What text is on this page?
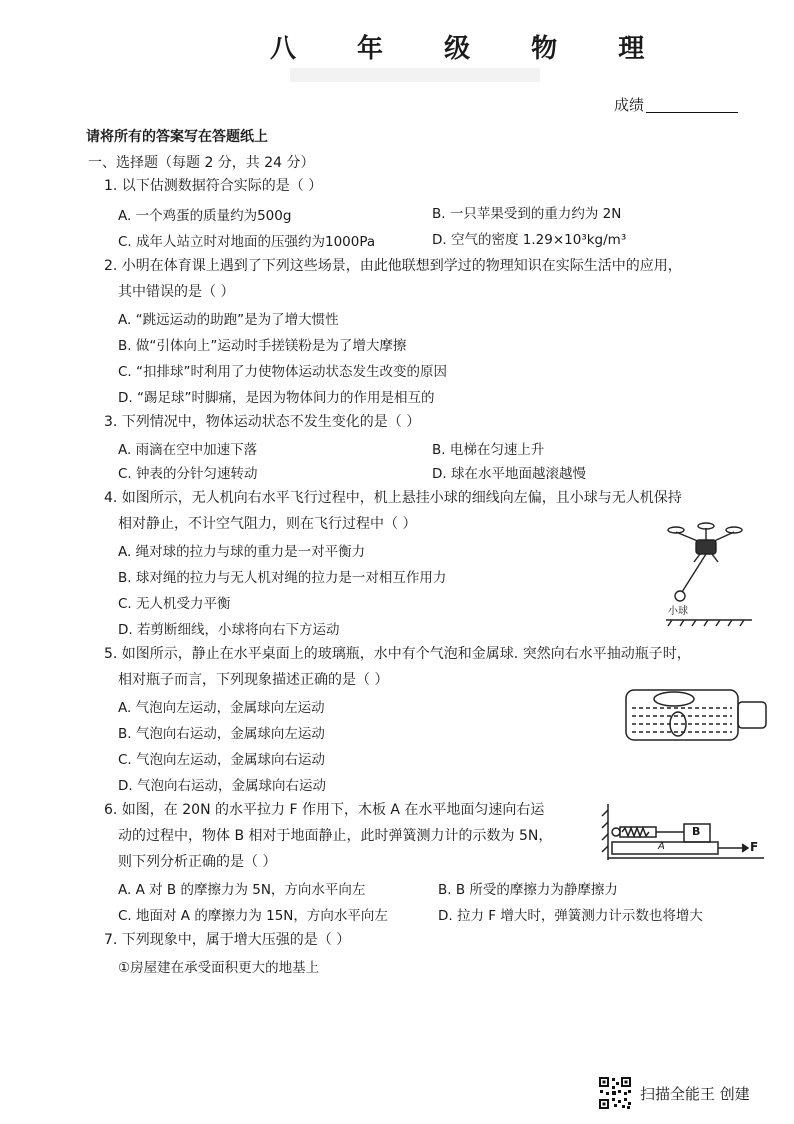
八 年 级 物 理
成绩
请将所有的答案写在答题纸上
一、选择题（每题 2 分，共 24 分）
1. 以下估测数据符合实际的是（ ）
A. 一个鸡蛋的质量约为500g	B. 一只苹果受到的重力约为 2N
C. 成年人站立时对地面的压强约为1000Pa	D. 空气的密度 1.29×10³kg/m³
2. 小明在体育课上遇到了下列这些场景，由此他联想到学过的物理知识在实际生活中的应用，
其中错误的是（ ）
A. “跳远运动的助跑”是为了增大惯性
B. 做“引体向上”运动时手搓镁粉是为了增大摩擦
C. “扣排球”时利用了力使物体运动状态发生改变的原因
D. “踢足球”时脚痛，是因为物体间力的作用是相互的
3. 下列情况中，物体运动状态不发生变化的是（ ）
A. 雨滴在空中加速下落	B. 电梯在匀速上升
C. 钟表的分针匀速转动	D. 球在水平地面越滚越慢
4. 如图所示，无人机向右水平飞行过程中，机上悬挂小球的细线向左偏，且小球与无人机保持
相对静止，不计空气阻力，则在飞行过程中（ ）
A. 绳对球的拉力与球的重力是一对平衡力
B. 球对绳的拉力与无人机对绳的拉力是一对相互作用力
C. 无人机受力平衡
D. 若剪断细线，小球将向右下方运动
小球
5. 如图所示，静止在水平桌面上的玻璃瓶，水中有个气泡和金属球. 突然向右水平抽动瓶子时，
相对瓶子而言，下列现象描述正确的是（ ）
A. 气泡向左运动，金属球向左运动
B. 气泡向右运动，金属球向左运动
C. 气泡向左运动，金属球向右运动
D. 气泡向右运动，金属球向右运动
6. 如图，在 20N 的水平拉力 F 作用下，木板 A 在水平地面匀速向右运
动的过程中，物体 B 相对于地面静止，此时弹簧测力计的示数为 5N，
则下列分析正确的是（ ）
A. A 对 B 的摩擦力为 5N，方向水平向左	B. B 所受的摩擦力为静摩擦力
C. 地面对 A 的摩擦力为 15N，方向水平向左	D. 拉力 F 增大时，弹簧测力计示数也将增大
B
A	F
7. 下列现象中，属于增大压强的是（ ）
①房屋建在承受面积更大的地基上
扫描全能王 创建
